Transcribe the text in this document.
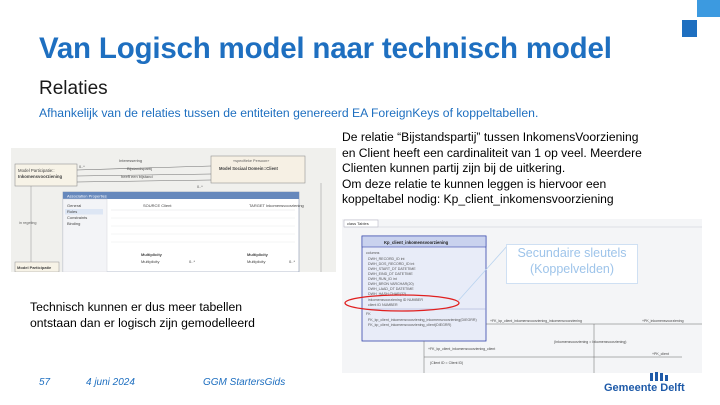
Van Logisch model naar technisch model
Relaties
Afhankelijk van de relaties tussen de entiteiten genereerd EA ForeignKeys of koppeltabellen.
De relatie “Bijstandspartij” tussen InkomensVoorziening
en Client heeft een cardinaliteit van 1 op veel. Meerdere
Clienten kunnen partij zijn bij de uitkering.
Om deze relatie te kunnen leggen is hiervoor een
koppeltabel nodig: Kp_client_inkomensvoorziening
Model Participatie::
Inkomensvoorziening
«specifieke Persoon»
Model Sociaal Domein::Client
Interessering
Bijstandspartij
heeft een bijstand
0..*
0..*
in regeling
Association Properties
General
Roles
Constraints
Binding
SOURCE Client	TARGET Inkomensvoorziening
Multiplicity	Multiplicity
Multiplicity	Multiplicity
0..*	0..*
Model Participatie
class Tables
Kp_client_inkomensvoorziening
columns
DWH_RECORD_ID int
DWH_DOS_RECORD_ID int
DWH_START_DT DATETIME
DWH_EIND_DT DATETIME
DWH_RUN_ID int
DWH_BRON VARCHAR(20)
DWH_LAAD_DT DATETIME
DWH_HASH CHAR(32)
inkomensvoorziening ID NUMBER
client ID NUMBER
FK
FK_kp_client_inkomensvoorziening_inkomensvoorziening(DIEGRR)
FK_kp_client_inkomensvoorziening_client(DIEGRR)
+FK_kp_client_inkomensvoorziening_inkomensvoorziening	+PK_inkomensvoorziening
+FK_kp_client_inkomensvoorziening_client
+PK_client
(Inkomensvoorziening = Inkomensvoorziening)
(Client ID = Client ID)
Secundaire sleutels
(Koppelvelden)
Technisch kunnen er dus meer tabellen
ontstaan dan er logisch zijn gemodelleerd
57	4 juni 2024	GGM StartersGids	Gemeente Delft
